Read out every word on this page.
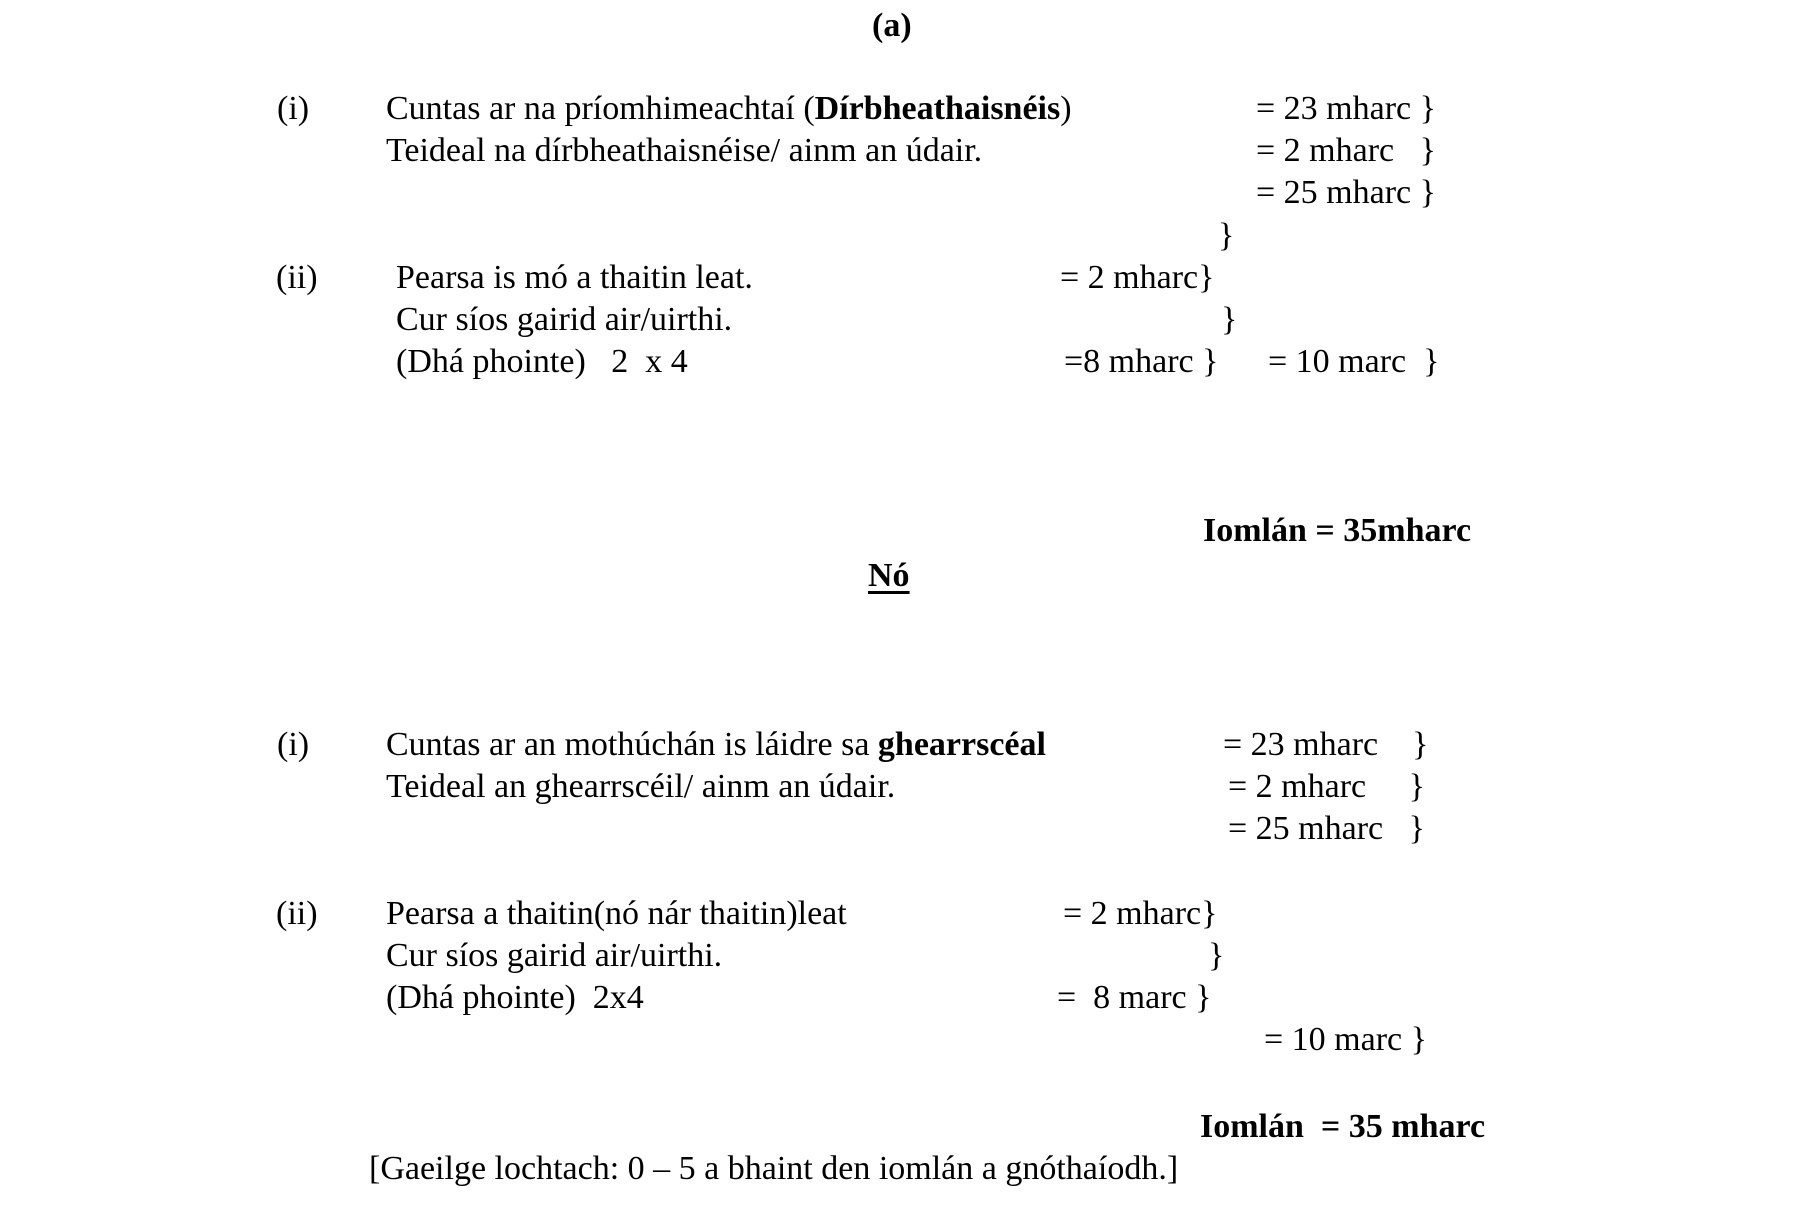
(a)
(i) Cuntas ar na príomhimeachtaí (Dírbheathaisnéis)	= 23 mharc }
Teideal na dírbheathaisnéise/ ainm an údair.	= 2 mharc   }
= 25 mharc }
}
(ii) Pearsa is mó a thaitin leat.	= 2 mharc}
Cur síos gairid air/uirthi.	}
(Dhá phointe)   2  x 4	=8 mharc } = 10 marc  }
Iomlán = 35mharc
Nó
(i) Cuntas ar an mothúchán is láidre sa ghearrscéal	= 23 mharc    }
Teideal an ghearrscéil/ ainm an údair.	= 2 mharc     }
= 25 mharc   }
(ii) Pearsa a thaitin(nó nár thaitin)leat	= 2 mharc}
Cur síos gairid air/uirthi.	}
(Dhá phointe)  2x4	=  8 marc }
= 10 marc }
Iomlán  = 35 mharc
[Gaeilge lochtach: 0 – 5 a bhaint den iomlán a gnóthaíodh.]
